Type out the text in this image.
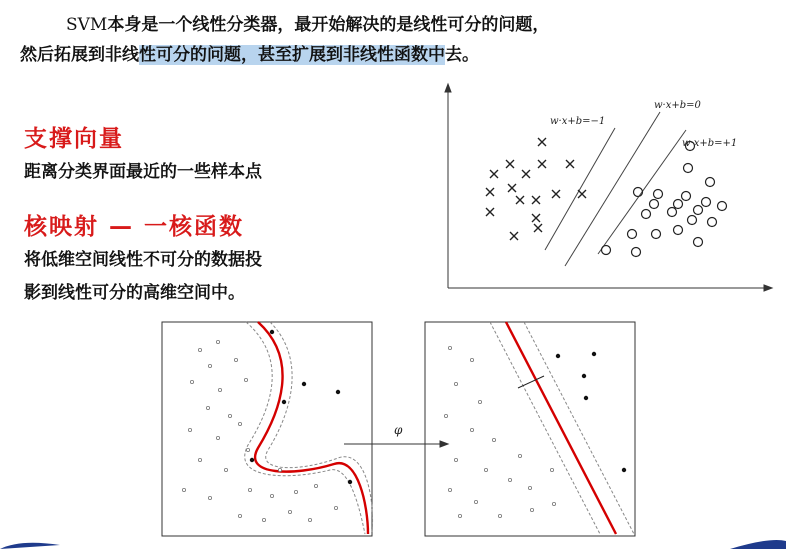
SVM本身是一个线性分类器，最开始解决的是线性可分的问题，
然后拓展到非线性可分的问题，甚至扩展到非线性函数中去。
支撑向量
距离分类界面最近的一些样本点
核映射 — 一核函数
将低维空间线性不可分的数据投
影到线性可分的高维空间中。
w·x+b=−1
w·x+b=0
w·x+b=+1
φ
